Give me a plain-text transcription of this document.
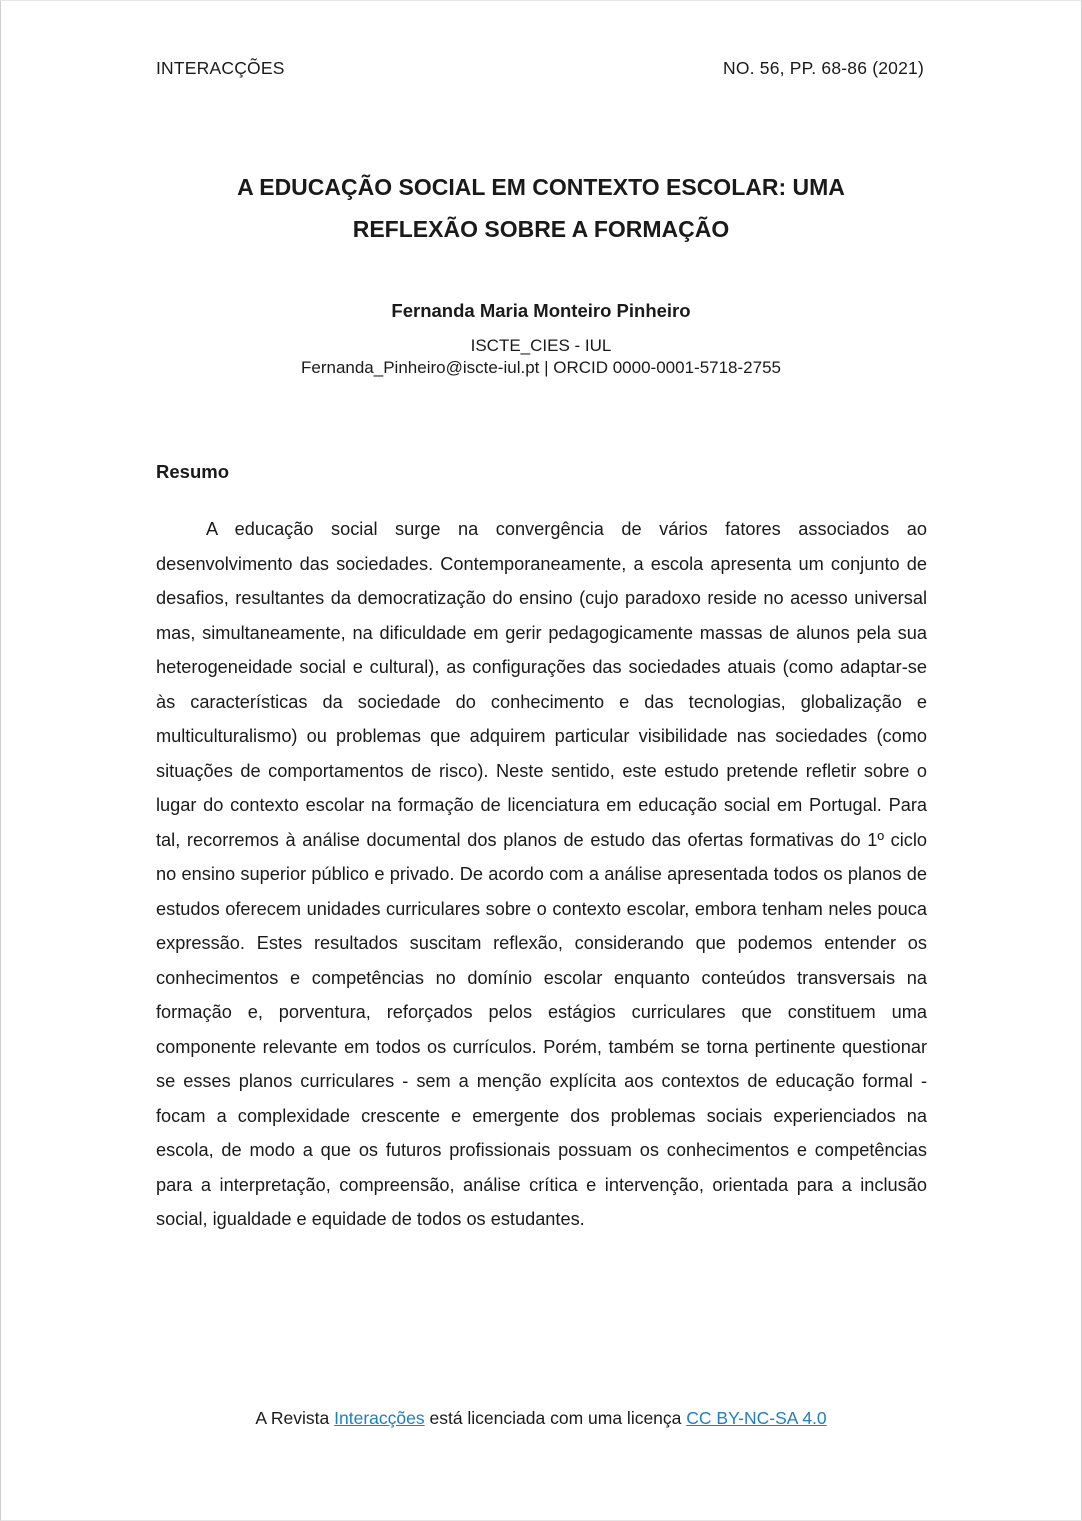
INTERACÇÕES	NO. 56, PP. 68-86 (2021)
A EDUCAÇÃO SOCIAL EM CONTEXTO ESCOLAR: UMA
REFLEXÃO SOBRE A FORMAÇÃO
Fernanda Maria Monteiro Pinheiro
ISCTE_CIES - IUL
Fernanda_Pinheiro@iscte-iul.pt | ORCID 0000-0001-5718-2755
Resumo

A educação social surge na convergência de vários fatores associados ao desenvolvimento das sociedades. Contemporaneamente, a escola apresenta um conjunto de desafios, resultantes da democratização do ensino (cujo paradoxo reside no acesso universal mas, simultaneamente, na dificuldade em gerir pedagogicamente massas de alunos pela sua heterogeneidade social e cultural), as configurações das sociedades atuais (como adaptar-se às características da sociedade do conhecimento e das tecnologias, globalização e multiculturalismo) ou problemas que adquirem particular visibilidade nas sociedades (como situações de comportamentos de risco). Neste sentido, este estudo pretende refletir sobre o lugar do contexto escolar na formação de licenciatura em educação social em Portugal. Para tal, recorremos à análise documental dos planos de estudo das ofertas formativas do 1º ciclo no ensino superior público e privado. De acordo com a análise apresentada todos os planos de estudos oferecem unidades curriculares sobre o contexto escolar, embora tenham neles pouca expressão. Estes resultados suscitam reflexão, considerando que podemos entender os conhecimentos e competências no domínio escolar enquanto conteúdos transversais na formação e, porventura, reforçados pelos estágios curriculares que constituem uma componente relevante em todos os currículos. Porém, também se torna pertinente questionar se esses planos curriculares - sem a menção explícita aos contextos de educação formal - focam a complexidade crescente e emergente dos problemas sociais experienciados na escola, de modo a que os futuros profissionais possuam os conhecimentos e competências para a interpretação, compreensão, análise crítica e intervenção, orientada para a inclusão social, igualdade e equidade de todos os estudantes.

A Revista Interacções está licenciada com uma licença CC BY-NC-SA 4.0
